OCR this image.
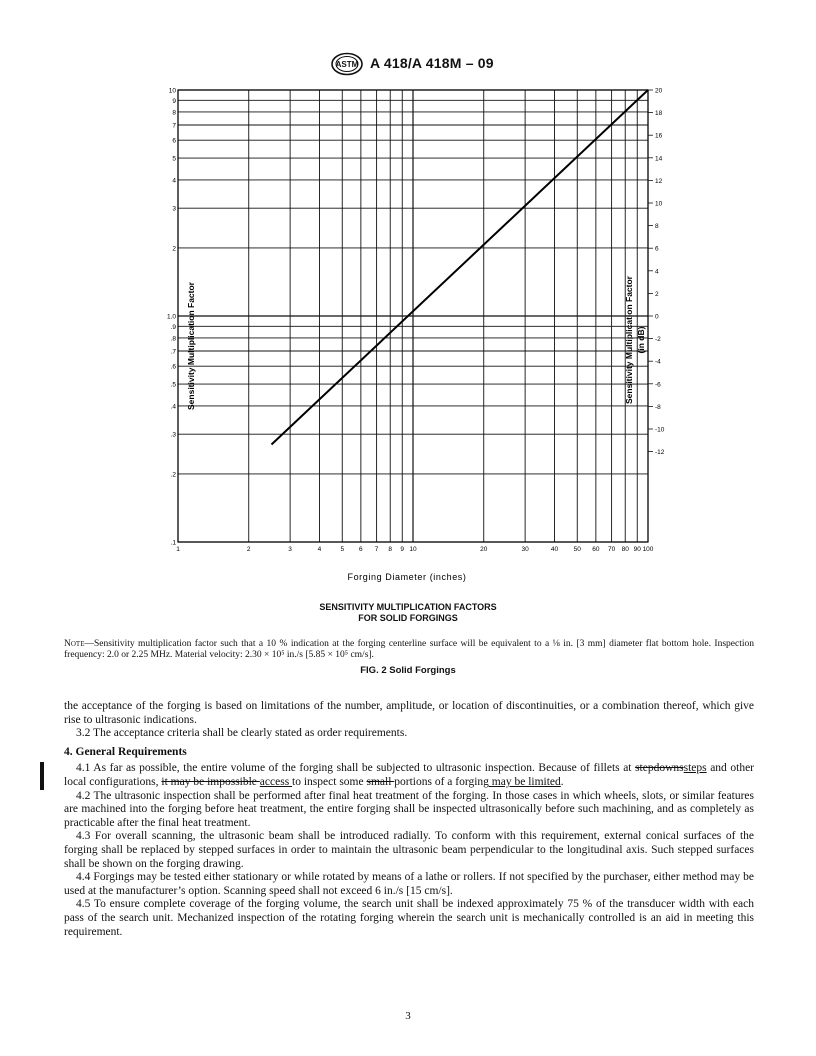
ASTM A 418/A 418M – 09
.1
.2
.3
.4
.5
.6
.7
.8
.9
1.0
2
3
4
5
6
7
8
9
10	20
18
16
14
12
10
8
6
4
2
0
-2
-4
-6
-8
-10
-12
1	2	3	4	5 6 7 8 9 10	20	30	40 50 60 70 80 90 100
Sensitivity Multiplication Factor	Sensitivity Multiplication Factor (in dB)
Forging Diameter (inches)
SENSITIVITY MULTIPLICATION FACTORS
FOR SOLID FORGINGS
Note—Sensitivity multiplication factor such that a 10 % indication at the forging centerline surface will be equivalent to a ⅛ in. [3 mm] diameter flat bottom hole. Inspection frequency: 2.0 or 2.25 MHz. Material velocity: 2.30 × 10⁵ in./s [5.85 × 10⁵ cm/s].
FIG. 2 Solid Forgings

the acceptance of the forging is based on limitations of the number, amplitude, or location of discontinuities, or a combination thereof, which give rise to ultrasonic indications.

3.2 The acceptance criteria shall be clearly stated as order requirements.

4. General Requirements

4.1 As far as possible, the entire volume of the forging shall be subjected to ultrasonic inspection. Because of fillets at stepdownssteps and other local configurations, it may be impossible access to inspect some small portions of a forging may be limited.

4.2 The ultrasonic inspection shall be performed after final heat treatment of the forging. In those cases in which wheels, slots, or similar features are machined into the forging before heat treatment, the entire forging shall be inspected ultrasonically before such machining, and as completely as practicable after the final heat treatment.

4.3 For overall scanning, the ultrasonic beam shall be introduced radially. To conform with this requirement, external conical surfaces of the forging shall be replaced by stepped surfaces in order to maintain the ultrasonic beam perpendicular to the longitudinal axis. Such stepped surfaces shall be shown on the forging drawing.

4.4 Forgings may be tested either stationary or while rotated by means of a lathe or rollers. If not specified by the purchaser, either method may be used at the manufacturer’s option. Scanning speed shall not exceed 6 in./s [15 cm/s].

4.5 To ensure complete coverage of the forging volume, the search unit shall be indexed approximately 75 % of the transducer width with each pass of the search unit. Mechanized inspection of the rotating forging wherein the search unit is mechanically controlled is an aid in meeting this requirement.

3
